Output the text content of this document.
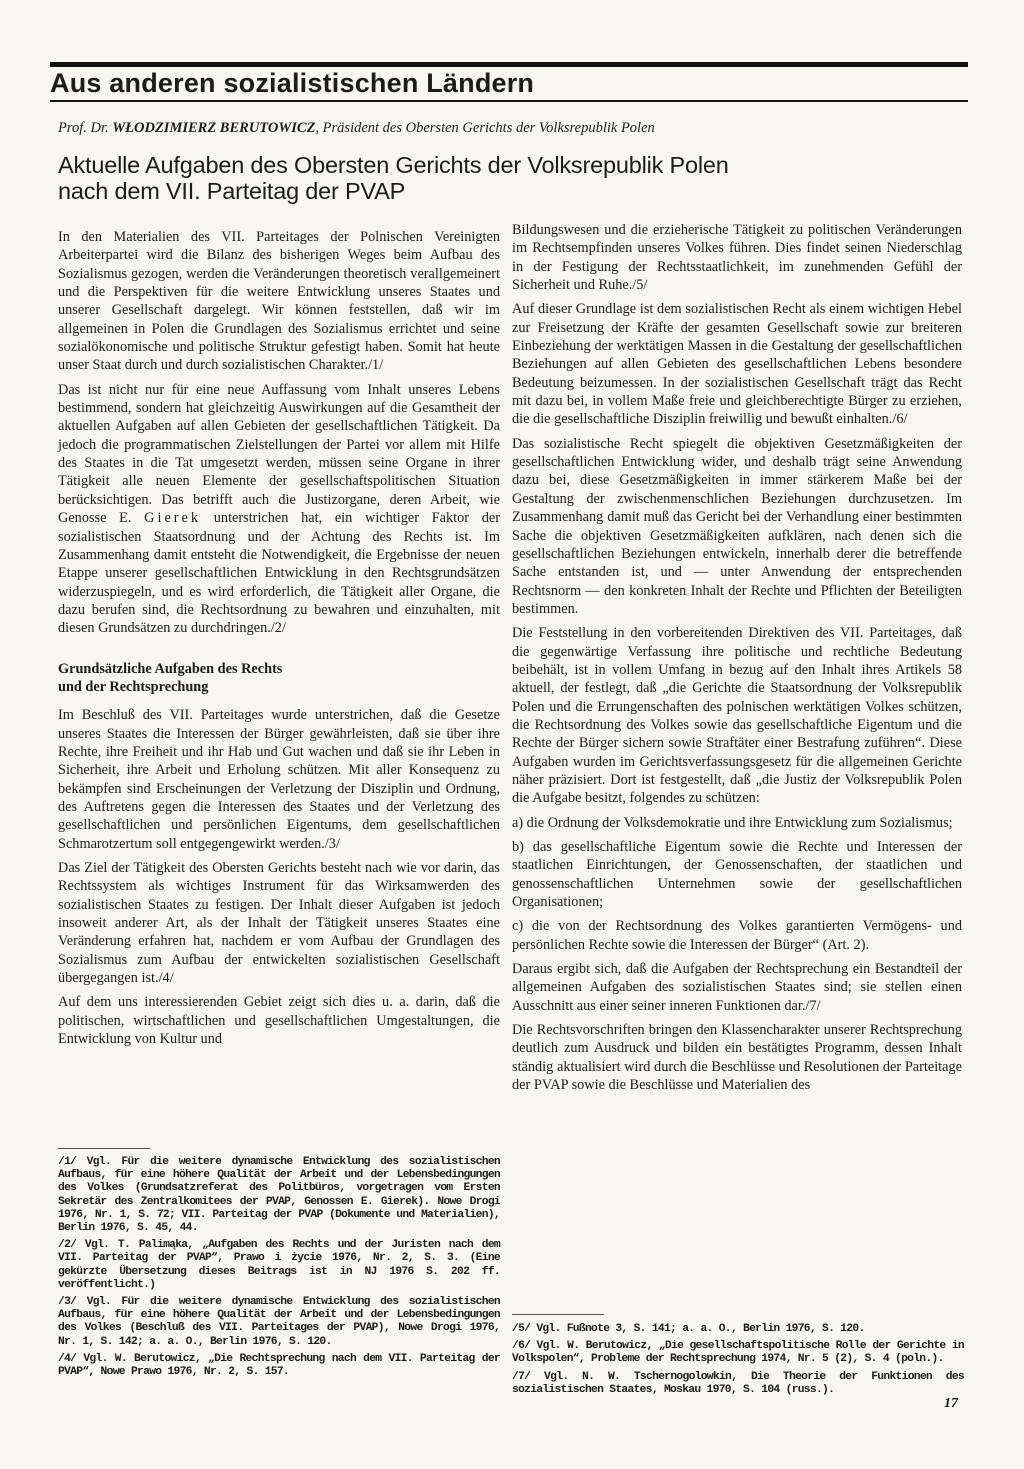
Aus anderen sozialistischen Ländern
Prof. Dr. WŁODZIMIERZ BERUTOWICZ, Präsident des Obersten Gerichts der Volksrepublik Polen
Aktuelle Aufgaben des Obersten Gerichts der Volksrepublik Polen
nach dem VII. Parteitag der PVAP

In den Materialien des VII. Parteitages der Polnischen Vereinigten Arbeiterpartei wird die Bilanz des bisherigen Weges beim Aufbau des Sozialismus gezogen, werden die Veränderungen theoretisch verallgemeinert und die Perspektiven für die weitere Entwicklung unseres Staates und unserer Gesellschaft dargelegt. Wir können feststellen, daß wir im allgemeinen in Polen die Grundlagen des Sozialismus errichtet und seine sozialökonomische und politische Struktur gefestigt haben. Somit hat heute unser Staat durch und durch sozialistischen Charakter./1/

Das ist nicht nur für eine neue Auffassung vom Inhalt unseres Lebens bestimmend, sondern hat gleichzeitig Auswirkungen auf die Gesamtheit der aktuellen Aufgaben auf allen Gebieten der gesellschaftlichen Tätigkeit. Da jedoch die programmatischen Zielstellungen der Partei vor allem mit Hilfe des Staates in die Tat umgesetzt werden, müssen seine Organe in ihrer Tätigkeit alle neuen Elemente der gesellschaftspolitischen Situation berücksichtigen. Das betrifft auch die Justizorgane, deren Arbeit, wie Genosse E. Gierek unterstrichen hat, ein wichtiger Faktor der sozialistischen Staatsordnung und der Achtung des Rechts ist. Im Zusammenhang damit entsteht die Notwendigkeit, die Ergebnisse der neuen Etappe unserer gesellschaftlichen Entwicklung in den Rechtsgrundsätzen widerzuspiegeln, und es wird erforderlich, die Tätigkeit aller Organe, die dazu berufen sind, die Rechtsordnung zu bewahren und einzuhalten, mit diesen Grundsätzen zu durchdringen./2/

Grundsätzliche Aufgaben des Rechts
und der Rechtsprechung

Im Beschluß des VII. Parteitages wurde unterstrichen, daß die Gesetze unseres Staates die Interessen der Bürger gewährleisten, daß sie über ihre Rechte, ihre Freiheit und ihr Hab und Gut wachen und daß sie ihr Leben in Sicherheit, ihre Arbeit und Erholung schützen. Mit aller Konsequenz zu bekämpfen sind Erscheinungen der Verletzung der Disziplin und Ordnung, des Auftretens gegen die Interessen des Staates und der Verletzung des gesellschaftlichen und persönlichen Eigentums, dem gesellschaftlichen Schmarotzertum soll entgegengewirkt werden./3/

Das Ziel der Tätigkeit des Obersten Gerichts besteht nach wie vor darin, das Rechtssystem als wichtiges Instrument für das Wirksamwerden des sozialistischen Staates zu festigen. Der Inhalt dieser Aufgaben ist jedoch insoweit anderer Art, als der Inhalt der Tätigkeit unseres Staates eine Veränderung erfahren hat, nachdem er vom Aufbau der Grundlagen des Sozialismus zum Aufbau der entwickelten sozialistischen Gesellschaft übergegangen ist./4/

Auf dem uns interessierenden Gebiet zeigt sich dies u. a. darin, daß die politischen, wirtschaftlichen und gesellschaftlichen Umgestaltungen, die Entwicklung von Kultur und

/1/ Vgl. Für die weitere dynamische Entwicklung des sozialistischen Aufbaus, für eine höhere Qualität der Arbeit und der Lebensbedingungen des Volkes (Grundsatzreferat des Politbüros, vorgetragen vom Ersten Sekretär des Zentralkomitees der PVAP, Genossen E. Gierek). Nowe Drogi 1976, Nr. 1, S. 72; VII. Parteitag der PVAP (Dokumente und Materialien), Berlin 1976, S. 45, 44.

/2/ Vgl. T. Palimąka, „Aufgaben des Rechts und der Juristen nach dem VII. Parteitag der PVAP“, Prawo i życie 1976, Nr. 2, S. 3. (Eine gekürzte Übersetzung dieses Beitrags ist in NJ 1976 S. 202 ff. veröffentlicht.)

/3/ Vgl. Für die weitere dynamische Entwicklung des sozialistischen Aufbaus, für eine höhere Qualität der Arbeit und der Lebensbedingungen des Volkes (Beschluß des VII. Parteitages der PVAP), Nowe Drogi 1976, Nr. 1, S. 142; a. a. O., Berlin 1976, S. 120.

/4/ Vgl. W. Berutowicz, „Die Rechtsprechung nach dem VII. Parteitag der PVAP“, Nowe Prawo 1976, Nr. 2, S. 157.

Bildungswesen und die erzieherische Tätigkeit zu politischen Veränderungen im Rechtsempfinden unseres Volkes führen. Dies findet seinen Niederschlag in der Festigung der Rechtsstaatlichkeit, im zunehmenden Gefühl der Sicherheit und Ruhe./5/

Auf dieser Grundlage ist dem sozialistischen Recht als einem wichtigen Hebel zur Freisetzung der Kräfte der gesamten Gesellschaft sowie zur breiteren Einbeziehung der werktätigen Massen in die Gestaltung der gesellschaftlichen Beziehungen auf allen Gebieten des gesellschaftlichen Lebens besondere Bedeutung beizumessen. In der sozialistischen Gesellschaft trägt das Recht mit dazu bei, in vollem Maße freie und gleichberechtigte Bürger zu erziehen, die die gesellschaftliche Disziplin freiwillig und bewußt einhalten./6/

Das sozialistische Recht spiegelt die objektiven Gesetzmäßigkeiten der gesellschaftlichen Entwicklung wider, und deshalb trägt seine Anwendung dazu bei, diese Gesetzmäßigkeiten in immer stärkerem Maße bei der Gestaltung der zwischenmenschlichen Beziehungen durchzusetzen. Im Zusammenhang damit muß das Gericht bei der Verhandlung einer bestimmten Sache die objektiven Gesetzmäßigkeiten aufklären, nach denen sich die gesellschaftlichen Beziehungen entwickeln, innerhalb derer die betreffende Sache entstanden ist, und — unter Anwendung der entsprechenden Rechtsnorm — den konkreten Inhalt der Rechte und Pflichten der Beteiligten bestimmen.

Die Feststellung in den vorbereitenden Direktiven des VII. Parteitages, daß die gegenwärtige Verfassung ihre politische und rechtliche Bedeutung beibehält, ist in vollem Umfang in bezug auf den Inhalt ihres Artikels 58 aktuell, der festlegt, daß „die Gerichte die Staatsordnung der Volksrepublik Polen und die Errungenschaften des polnischen werktätigen Volkes schützen, die Rechtsordnung des Volkes sowie das gesellschaftliche Eigentum und die Rechte der Bürger sichern sowie Straftäter einer Bestrafung zuführen“. Diese Aufgaben wurden im Gerichtsverfassungsgesetz für die allgemeinen Gerichte näher präzisiert. Dort ist festgestellt, daß „die Justiz der Volksrepublik Polen die Aufgabe besitzt, folgendes zu schützen:

a) die Ordnung der Volksdemokratie und ihre Entwicklung zum Sozialismus;

b) das gesellschaftliche Eigentum sowie die Rechte und Interessen der staatlichen Einrichtungen, der Genossenschaften, der staatlichen und genossenschaftlichen Unternehmen sowie der gesellschaftlichen Organisationen;

c) die von der Rechtsordnung des Volkes garantierten Vermögens- und persönlichen Rechte sowie die Interessen der Bürger“ (Art. 2).

Daraus ergibt sich, daß die Aufgaben der Rechtsprechung ein Bestandteil der allgemeinen Aufgaben des sozialistischen Staates sind; sie stellen einen Ausschnitt aus einer seiner inneren Funktionen dar./7/

Die Rechtsvorschriften bringen den Klassencharakter unserer Rechtsprechung deutlich zum Ausdruck und bilden ein bestätigtes Programm, dessen Inhalt ständig aktualisiert wird durch die Beschlüsse und Resolutionen der Parteitage der PVAP sowie die Beschlüsse und Materialien des

/5/ Vgl. Fußnote 3, S. 141; a. a. O., Berlin 1976, S. 120.

/6/ Vgl. W. Berutowicz, „Die gesellschaftspolitische Rolle der Gerichte in Volkspolen“, Probleme der Rechtsprechung 1974, Nr. 5 (2), S. 4 (poln.).

/7/ Vgl. N. W. Tschernogolowkin, Die Theorie der Funktionen des sozialistischen Staates, Moskau 1970, S. 104 (russ.).

17
